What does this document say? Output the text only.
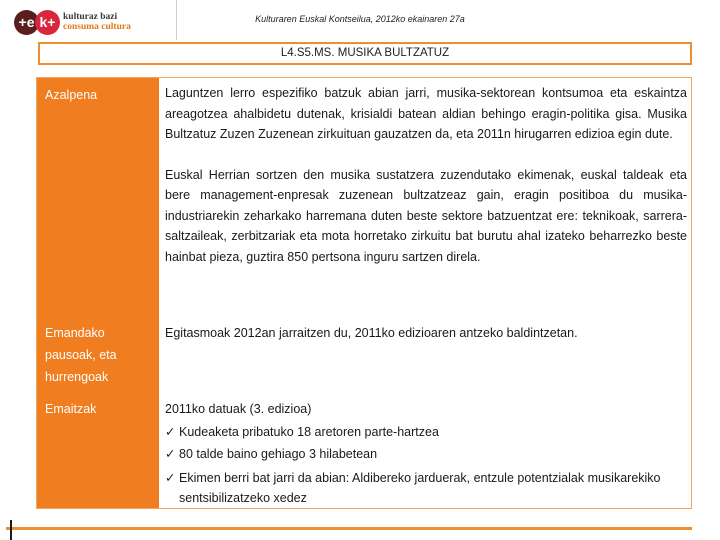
+e k+ kulturaz bazi
consuma cultura
Kulturaren Euskal Kontseilua, 2012ko ekainaren 27a
L4.S5.MS. MUSIKA BULTZATUZ
Azalpena	Laguntzen lerro espezifiko batzuk abian jarri, musika-sektorean kontsumoa eta eskaintza areagotzea ahalbidetu dutenak, krisialdi batean aldian behingo eragin-politika gisa. Musika Bultzatuz Zuzen Zuzenean zirkuituan gauzatzen da, eta 2011n hirugarren edizioa egin dute.

Euskal Herrian sortzen den musika sustatzera zuzendutako ekimenak, euskal taldeak eta bere management-enpresak zuzenean bultzatzeaz gain, eragin positiboa du musika-industriarekin zeharkako harremana duten beste sektore batzuentzat ere: teknikoak, sarrera-saltzaileak, zerbitzariak eta mota horretako zirkuitu bat burutu ahal izateko beharrezko beste hainbat pieza, guztira 850 pertsona inguru sartzen direla.

Emandako pausoak, eta hurrengoak
Egitasmoak 2012an jarraitzen du, 2011ko edizioaren antzeko baldintzetan.
Emaitzak	2011ko datuak (3. edizioa)

✓ Kudeaketa pribatuko 18 aretoren parte-hartzea

✓ 80 talde baino gehiago 3 hilabetean

✓ Ekimen berri bat jarri da abian: Aldibereko jarduerak, entzule potentzialak musikarekiko sentsibilizatzeko xedez
